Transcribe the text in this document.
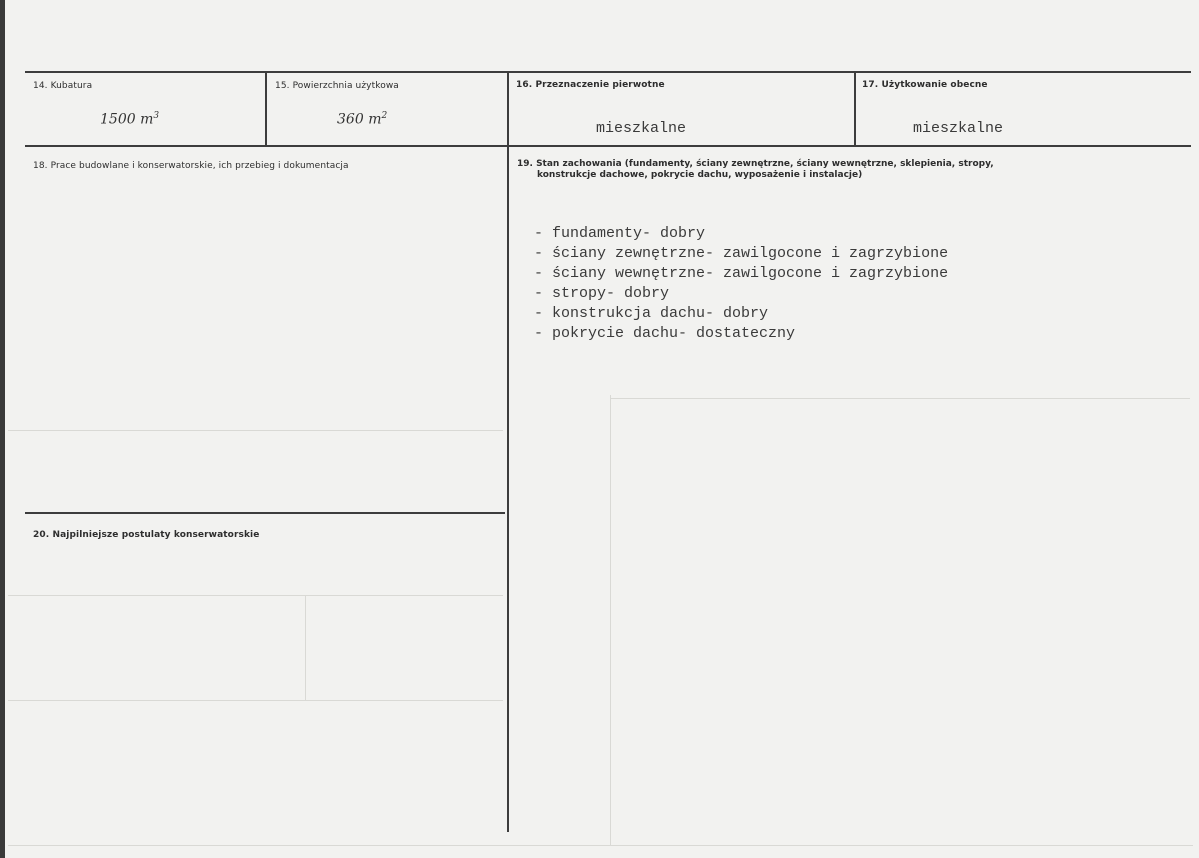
14. Kubatura
1500 $m^3$
15. Powierzchnia użytkowa
360 $m^2$
16. Przeznaczenie pierwotne
mieszkalne
17. Użytkowanie obecne
mieszkalne
18. Prace budowlane i konserwatorskie, ich przebieg i dokumentacja	19. Stan zachowania (fundamenty, ściany zewnętrzne, ściany wewnętrzne, sklepienia, stropy,
konstrukcje dachowe, pokrycie dachu, wyposażenie i instalacje)
- fundamenty- dobry
- ściany zewnętrzne- zawilgocone i zagrzybione
- ściany wewnętrzne- zawilgocone i zagrzybione
- stropy- dobry
- konstrukcja dachu- dobry
- pokrycie dachu- dostateczny
20. Najpilniejsze postulaty konserwatorskie
